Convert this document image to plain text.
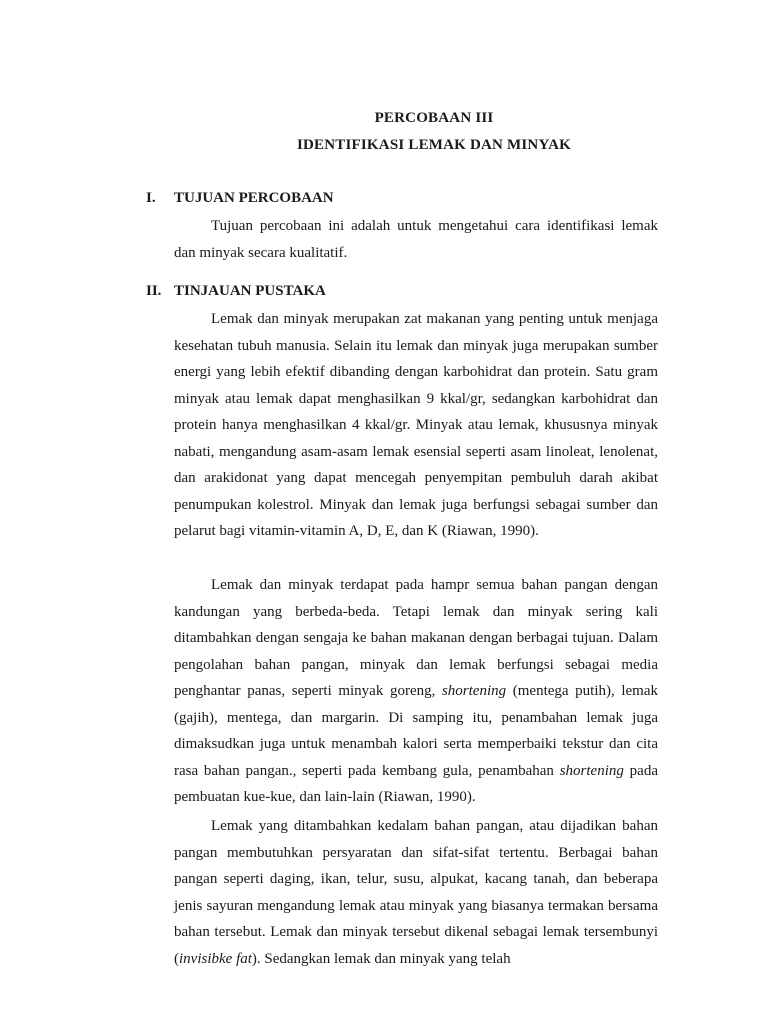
PERCOBAAN III
IDENTIFIKASI LEMAK DAN MINYAK
I. TUJUAN PERCOBAAN

Tujuan percobaan ini adalah untuk mengetahui cara identifikasi lemak dan minyak secara kualitatif.

II. TINJAUAN PUSTAKA

Lemak dan minyak merupakan zat makanan yang penting untuk menjaga kesehatan tubuh manusia. Selain itu lemak dan minyak juga merupakan sumber energi yang lebih efektif dibanding dengan karbohidrat dan protein. Satu gram minyak atau lemak dapat menghasilkan 9 kkal/gr, sedangkan karbohidrat dan protein hanya menghasilkan 4 kkal/gr. Minyak atau lemak, khususnya minyak nabati, mengandung asam-asam lemak esensial seperti asam linoleat, lenolenat, dan arakidonat yang dapat mencegah penyempitan pembuluh darah akibat penumpukan kolestrol. Minyak dan lemak juga berfungsi sebagai sumber dan pelarut bagi vitamin-vitamin A, D, E, dan K (Riawan, 1990).

Lemak dan minyak terdapat pada hampr semua bahan pangan dengan kandungan yang berbeda-beda. Tetapi lemak dan minyak sering kali ditambahkan dengan sengaja ke bahan makanan dengan berbagai tujuan. Dalam pengolahan bahan pangan, minyak dan lemak berfungsi sebagai media penghantar panas, seperti minyak goreng, shortening (mentega putih), lemak (gajih), mentega, dan margarin. Di samping itu, penambahan lemak juga dimaksudkan juga untuk menambah kalori serta memperbaiki tekstur dan cita rasa bahan pangan., seperti pada kembang gula, penambahan shortening pada pembuatan kue-kue, dan lain-lain (Riawan, 1990).

Lemak yang ditambahkan kedalam bahan pangan, atau dijadikan bahan pangan membutuhkan persyaratan dan sifat-sifat tertentu. Berbagai bahan pangan seperti daging, ikan, telur, susu, alpukat, kacang tanah, dan beberapa jenis sayuran mengandung lemak atau minyak yang biasanya termakan bersama bahan tersebut. Lemak dan minyak tersebut dikenal sebagai lemak tersembunyi (invisibke fat). Sedangkan lemak dan minyak yang telah
